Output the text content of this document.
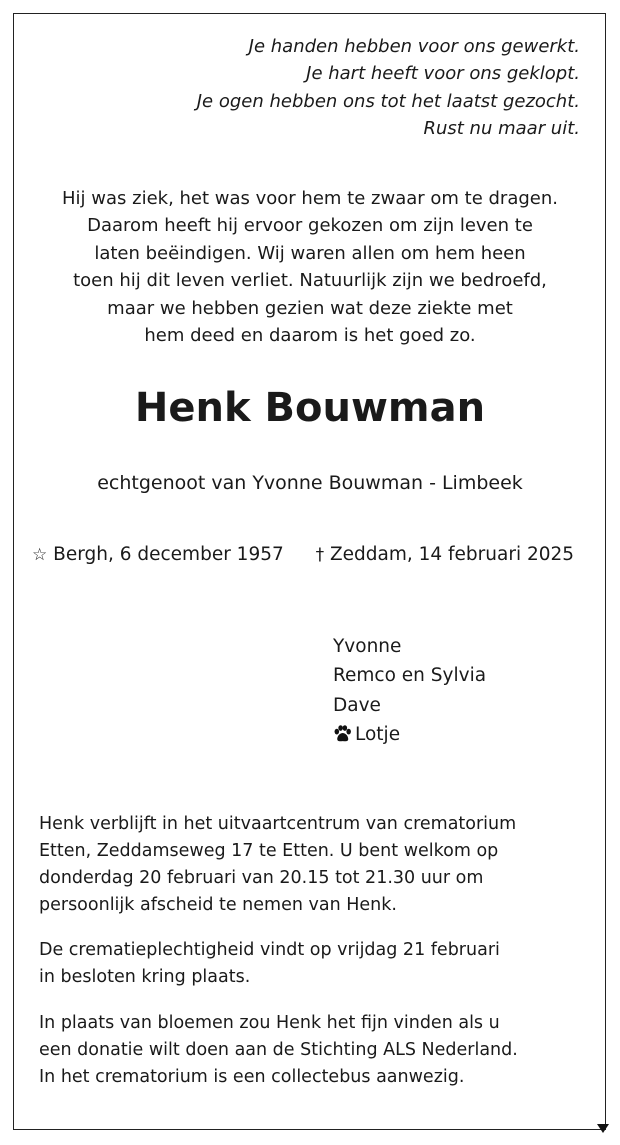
Je handen hebben voor ons gewerkt.
Je hart heeft voor ons geklopt.
Je ogen hebben ons tot het laatst gezocht.
Rust nu maar uit.
Hij was ziek, het was voor hem te zwaar om te dragen.
Daarom heeft hij ervoor gekozen om zijn leven te
laten beëindigen. Wij waren allen om hem heen
toen hij dit leven verliet. Natuurlijk zijn we bedroefd,
maar we hebben gezien wat deze ziekte met
hem deed en daarom is het goed zo.
Henk Bouwman
echtgenoot van Yvonne Bouwman - Limbeek
☆ Bergh, 6 december 1957 † Zeddam, 14 februari 2025
Yvonne
Remco en Sylvia
Dave
Lotje
Henk verblijft in het uitvaartcentrum van crematorium
Etten, Zeddamseweg 17 te Etten. U bent welkom op
donderdag 20 februari van 20.15 tot 21.30 uur om
persoonlijk afscheid te nemen van Henk.
De crematieplechtigheid vindt op vrijdag 21 februari
in besloten kring plaats.
In plaats van bloemen zou Henk het fijn vinden als u
een donatie wilt doen aan de Stichting ALS Nederland.
In het crematorium is een collectebus aanwezig.
